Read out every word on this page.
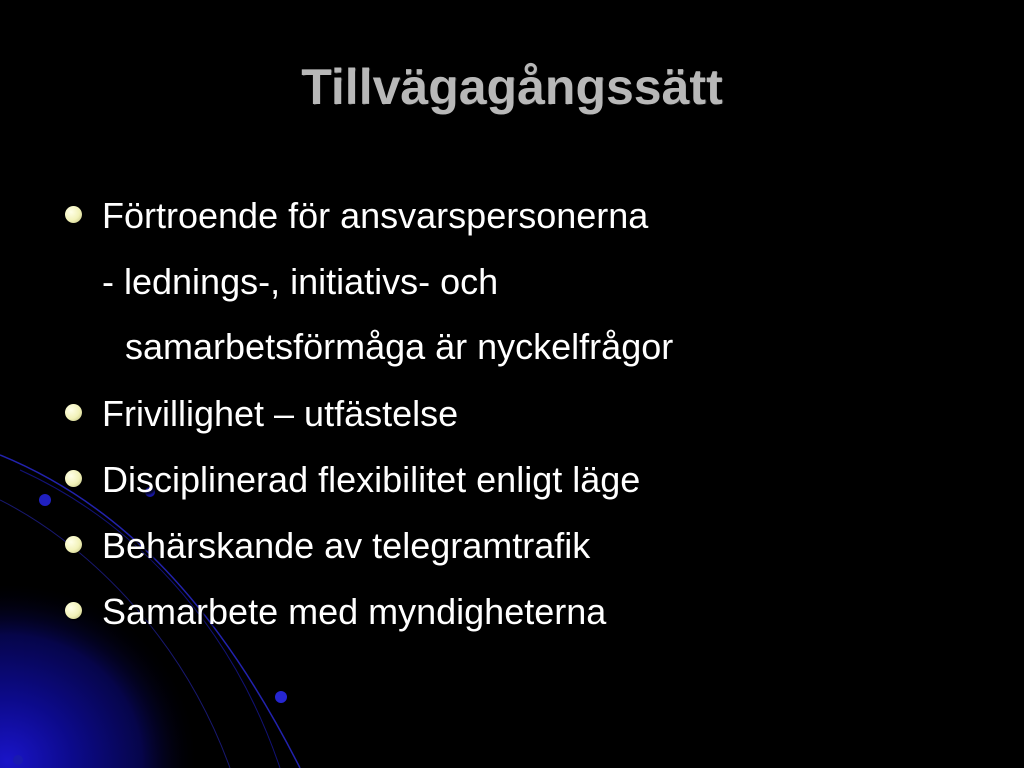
Tillvägagångssätt
Förtroende för ansvarspersonerna
- lednings-, initiativs- och
samarbetsförmåga är nyckelfrågor
Frivillighet – utfästelse
Disciplinerad flexibilitet enligt läge
Behärskande av telegramtrafik
Samarbete med myndigheterna
